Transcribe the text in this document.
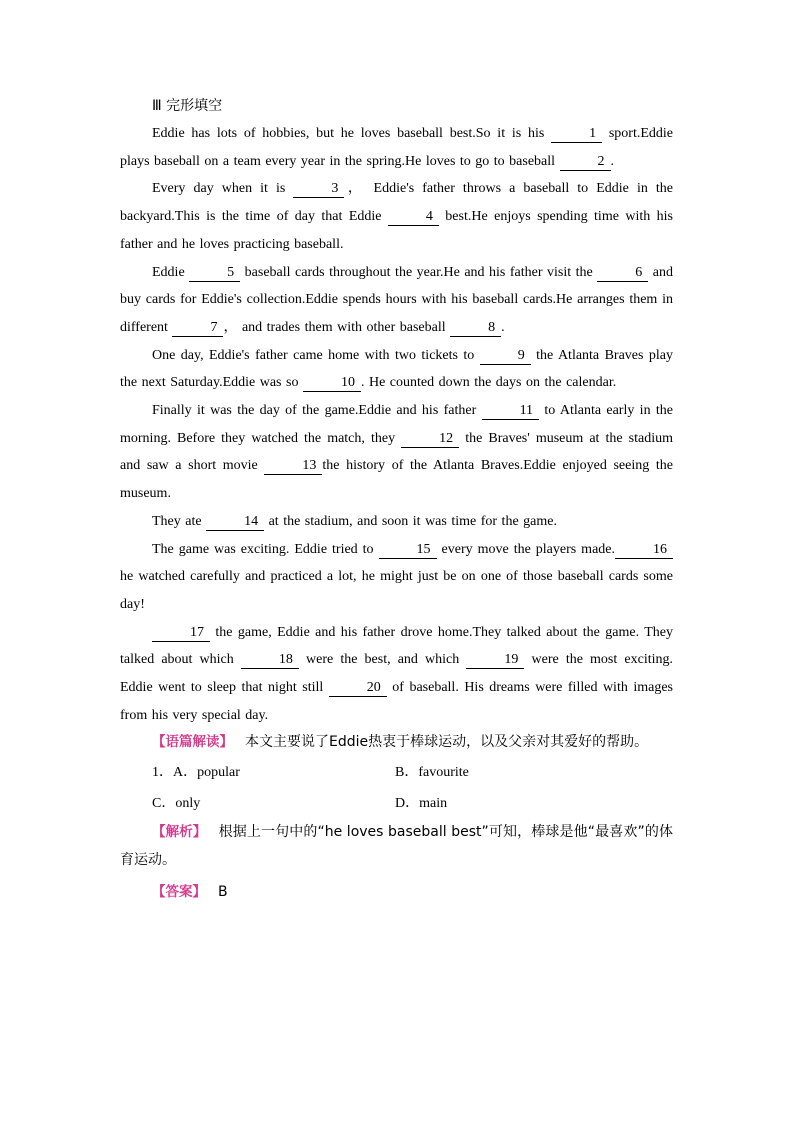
Ⅲ 完形填空

Eddie has lots of hobbies, but he loves baseball best.So it is his	1 sport.Eddie plays baseball on a team every year in the spring.He loves to go to baseball	2 .

Every day when it is	3 ， Eddie's father throws a baseball to Eddie in the backyard.This is the time of day that Eddie	4 best.He enjoys spending time with his father and he loves practicing baseball.

Eddie	5 baseball cards throughout the year.He and his father visit the	6 and buy cards for Eddie's collection.Eddie spends hours with his baseball cards.He arranges them in different	7 ， and trades them with other baseball	8 .

One day, Eddie's father came home with two tickets to	9 the Atlanta Braves play the next Saturday.Eddie was so	10 . He counted down the days on the calendar.

Finally it was the day of the game.Eddie and his father	11 to Atlanta early in the morning. Before they watched the match, they	12 the Braves' museum at the stadium and saw a short movie	13 the history of the Atlanta Braves.Eddie enjoyed seeing the museum.

They ate	14 at the stadium, and soon it was time for the game.

The game was exciting. Eddie tried to	15 every move the players made.	16 he watched carefully and practiced a lot, he might just be on one of those baseball cards some day!

17 the game, Eddie and his father drove home.They talked about the game. They talked about which	18 were the best, and which	19 were the most exciting. Eddie went to sleep that night still	20 of baseball. His dreams were filled with images from his very special day.

【语篇解读】 本文主要说了Eddie热衷于棒球运动，以及父亲对其爱好的帮助。

1．A．popular	B．favourite
C．only	D．main

【解析】 根据上一句中的“he loves baseball best”可知，棒球是他“最喜欢”的体育运动。

【答案】 B
